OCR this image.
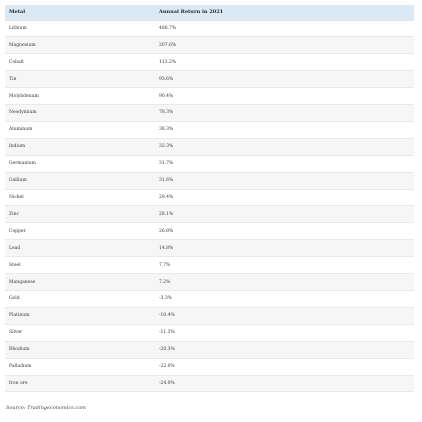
Metal	Annual Return in 2021
Lithium	486.7%
Magnesium	207.6%
Cobalt	113.2%
Tin	93.6%
Molybdenum	90.4%
Neodymium	78.3%
Aluminum	38.3%
Indium	32.3%
Germanium	31.7%
Gallium	31.6%
Nickel	29.4%
Zinc	28.1%
Copper	26.8%
Lead	14.8%
Steel	7.7%
Manganese	7.2%
Gold	-3.3%
Platinum	-10.4%
Silver	-11.3%
Rhodium	-20.3%
Palladium	-22.0%
Iron ore	-24.0%
Source: Tradingeconomics.com
